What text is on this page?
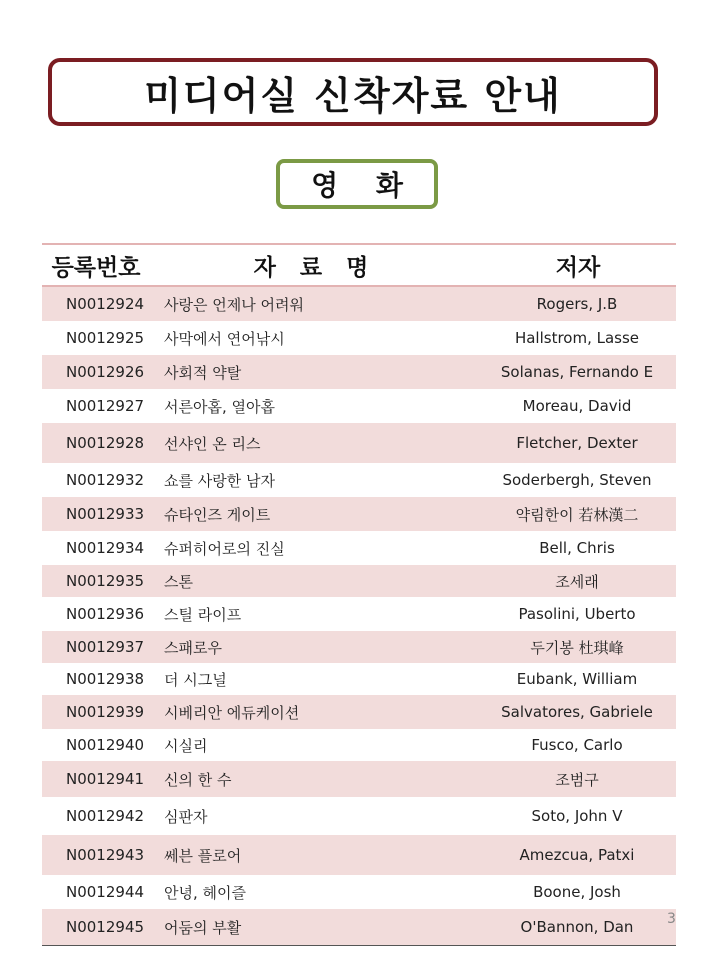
미디어실 신착자료 안내
영 화
등록번호	자 료 명	저자
N0012924	사랑은 언제나 어려워	Rogers, J.B
N0012925	사막에서 연어낚시	Hallstrom, Lasse
N0012926	사회적 약탈	Solanas, Fernando E
N0012927	서른아홉, 열아홉	Moreau, David
N0012928	선샤인 온 리스	Fletcher, Dexter
N0012932	쇼를 사랑한 남자	Soderbergh, Steven
N0012933	슈타인즈 게이트	약림한이 若林漢二
N0012934	슈퍼히어로의 진실	Bell, Chris
N0012935	스톤	조세래
N0012936	스틸 라이프	Pasolini, Uberto
N0012937	스패로우	두기봉 杜琪峰
N0012938	더 시그널	Eubank, William
N0012939	시베리안 에듀케이션	Salvatores, Gabriele
N0012940	시실리	Fusco, Carlo
N0012941	신의 한 수	조범구
N0012942	심판자	Soto, John V
N0012943	쎄븐 플로어	Amezcua, Patxi
N0012944	안녕, 헤이즐	Boone, Josh
N0012945	어둠의 부활	O'Bannon, Dan	3
